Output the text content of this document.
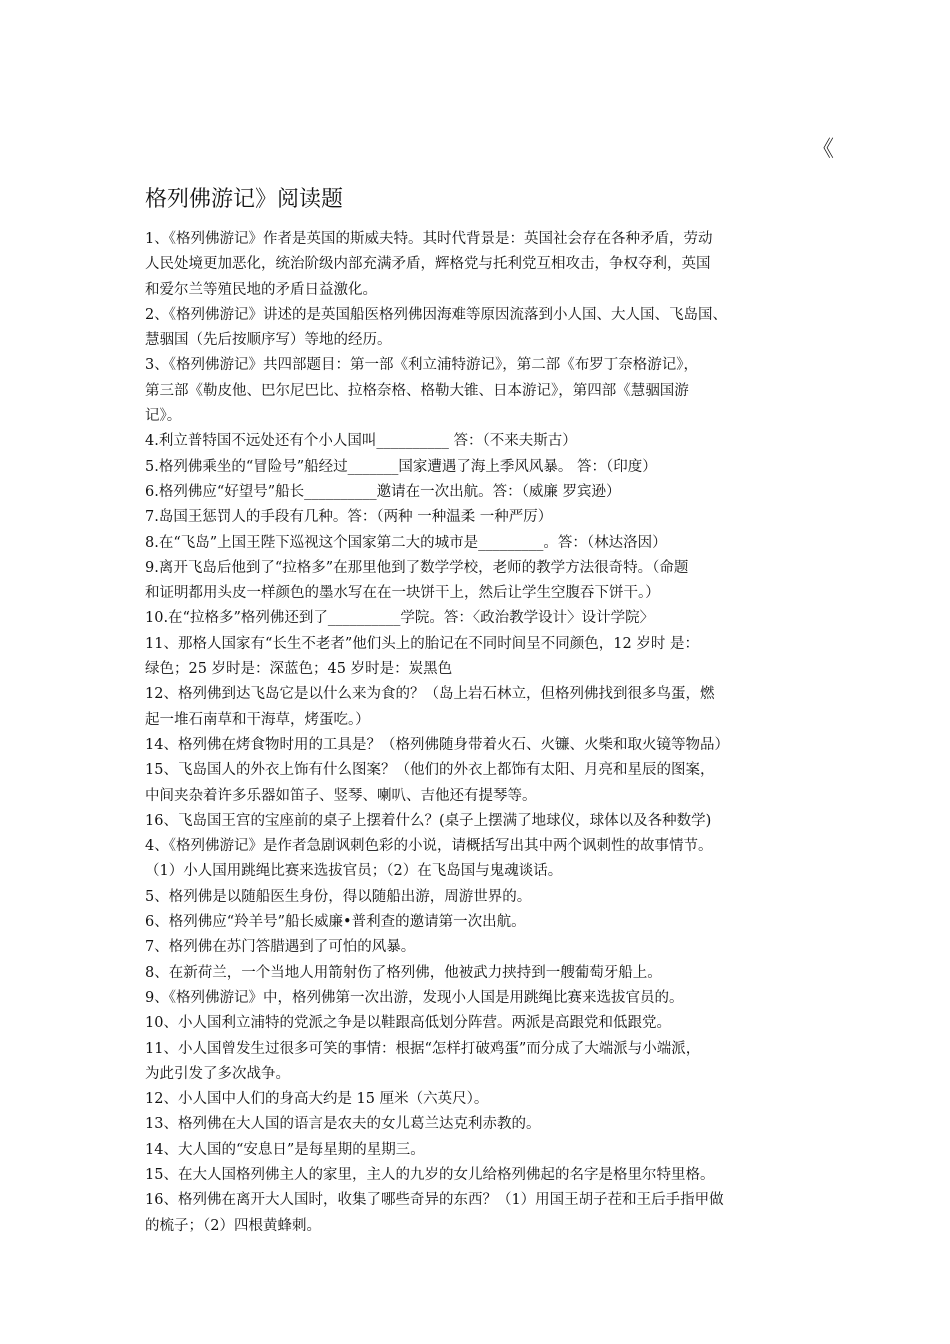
《
格列佛游记》阅读题
1、《格列佛游记》作者是英国的斯威夫特。其时代背景是：英国社会存在各种矛盾，劳动
人民处境更加恶化，统治阶级内部充满矛盾，辉格党与托利党互相攻击，争权夺利，英国
和爱尔兰等殖民地的矛盾日益激化。
2、《格列佛游记》讲述的是英国船医格列佛因海难等原因流落到小人国、大人国、飞岛国、
慧骃国（先后按顺序写）等地的经历。
3、《格列佛游记》共四部题目：第一部《利立浦特游记》，第二部《布罗丁奈格游记》，
第三部《勒皮他、巴尔尼巴比、拉格奈格、格勒大锥、日本游记》，第四部《慧骃国游
记》。
4.利立普特国不远处还有个小人国叫__________ 答：（不来夫斯古）
5.格列佛乘坐的“冒险号”船经过_______国家遭遇了海上季风风暴。 答：（印度）
6.格列佛应“好望号”船长__________邀请在一次出航。答：（威廉 罗宾逊）
7.岛国王惩罚人的手段有几种。答：（两种 一种温柔 一种严厉）
8.在“飞岛”上国王陛下巡视这个国家第二大的城市是_________。答：（林达洛因）
9.离开飞岛后他到了“拉格多”在那里他到了数学学校，老师的教学方法很奇特。（命题
和证明都用头皮一样颜色的墨水写在在一块饼干上，然后让学生空腹吞下饼干。）
10.在“拉格多”格列佛还到了__________学院。答：〈政治教学设计〉设计学院〉
11、那格人国家有“长生不老者”他们头上的胎记在不同时间呈不同颜色，12 岁时 是：
绿色；25 岁时是：深蓝色；45 岁时是：炭黑色
12、格列佛到达飞岛它是以什么来为食的？（岛上岩石林立，但格列佛找到很多鸟蛋，燃
起一堆石南草和干海草，烤蛋吃。）
14、格列佛在烤食物时用的工具是？（格列佛随身带着火石、火镰、火柴和取火镜等物品）
15、飞岛国人的外衣上饰有什么图案？（他们的外衣上都饰有太阳、月亮和星辰的图案，
中间夹杂着许多乐器如笛子、竖琴、喇叭、吉他还有提琴等。
16、飞岛国王宫的宝座前的桌子上摆着什么？(桌子上摆满了地球仪，球体以及各种数学)
4、《格列佛游记》是作者急剧讽刺色彩的小说，请概括写出其中两个讽刺性的故事情节。
（1）小人国用跳绳比赛来选拔官员；（2）在飞岛国与鬼魂谈话。
5、格列佛是以随船医生身份，得以随船出游，周游世界的。
6、格列佛应“羚羊号”船长威廉•普利查的邀请第一次出航。
7、格列佛在苏门答腊遇到了可怕的风暴。
8、在新荷兰，一个当地人用箭射伤了格列佛，他被武力挟持到一艘葡萄牙船上。
9、《格列佛游记》中，格列佛第一次出游，发现小人国是用跳绳比赛来选拔官员的。
10、小人国利立浦特的党派之争是以鞋跟高低划分阵营。两派是高跟党和低跟党。
11、小人国曾发生过很多可笑的事情：根据“怎样打破鸡蛋”而分成了大端派与小端派，
为此引发了多次战争。
12、小人国中人们的身高大约是 15 厘米（六英尺）。
13、格列佛在大人国的语言是农夫的女儿葛兰达克利赤教的。
14、大人国的“安息日”是每星期的星期三。
15、在大人国格列佛主人的家里，主人的九岁的女儿给格列佛起的名字是格里尔特里格。
16、格列佛在离开大人国时，收集了哪些奇异的东西？（1）用国王胡子茬和王后手指甲做
的梳子；（2）四根黄蜂刺。
